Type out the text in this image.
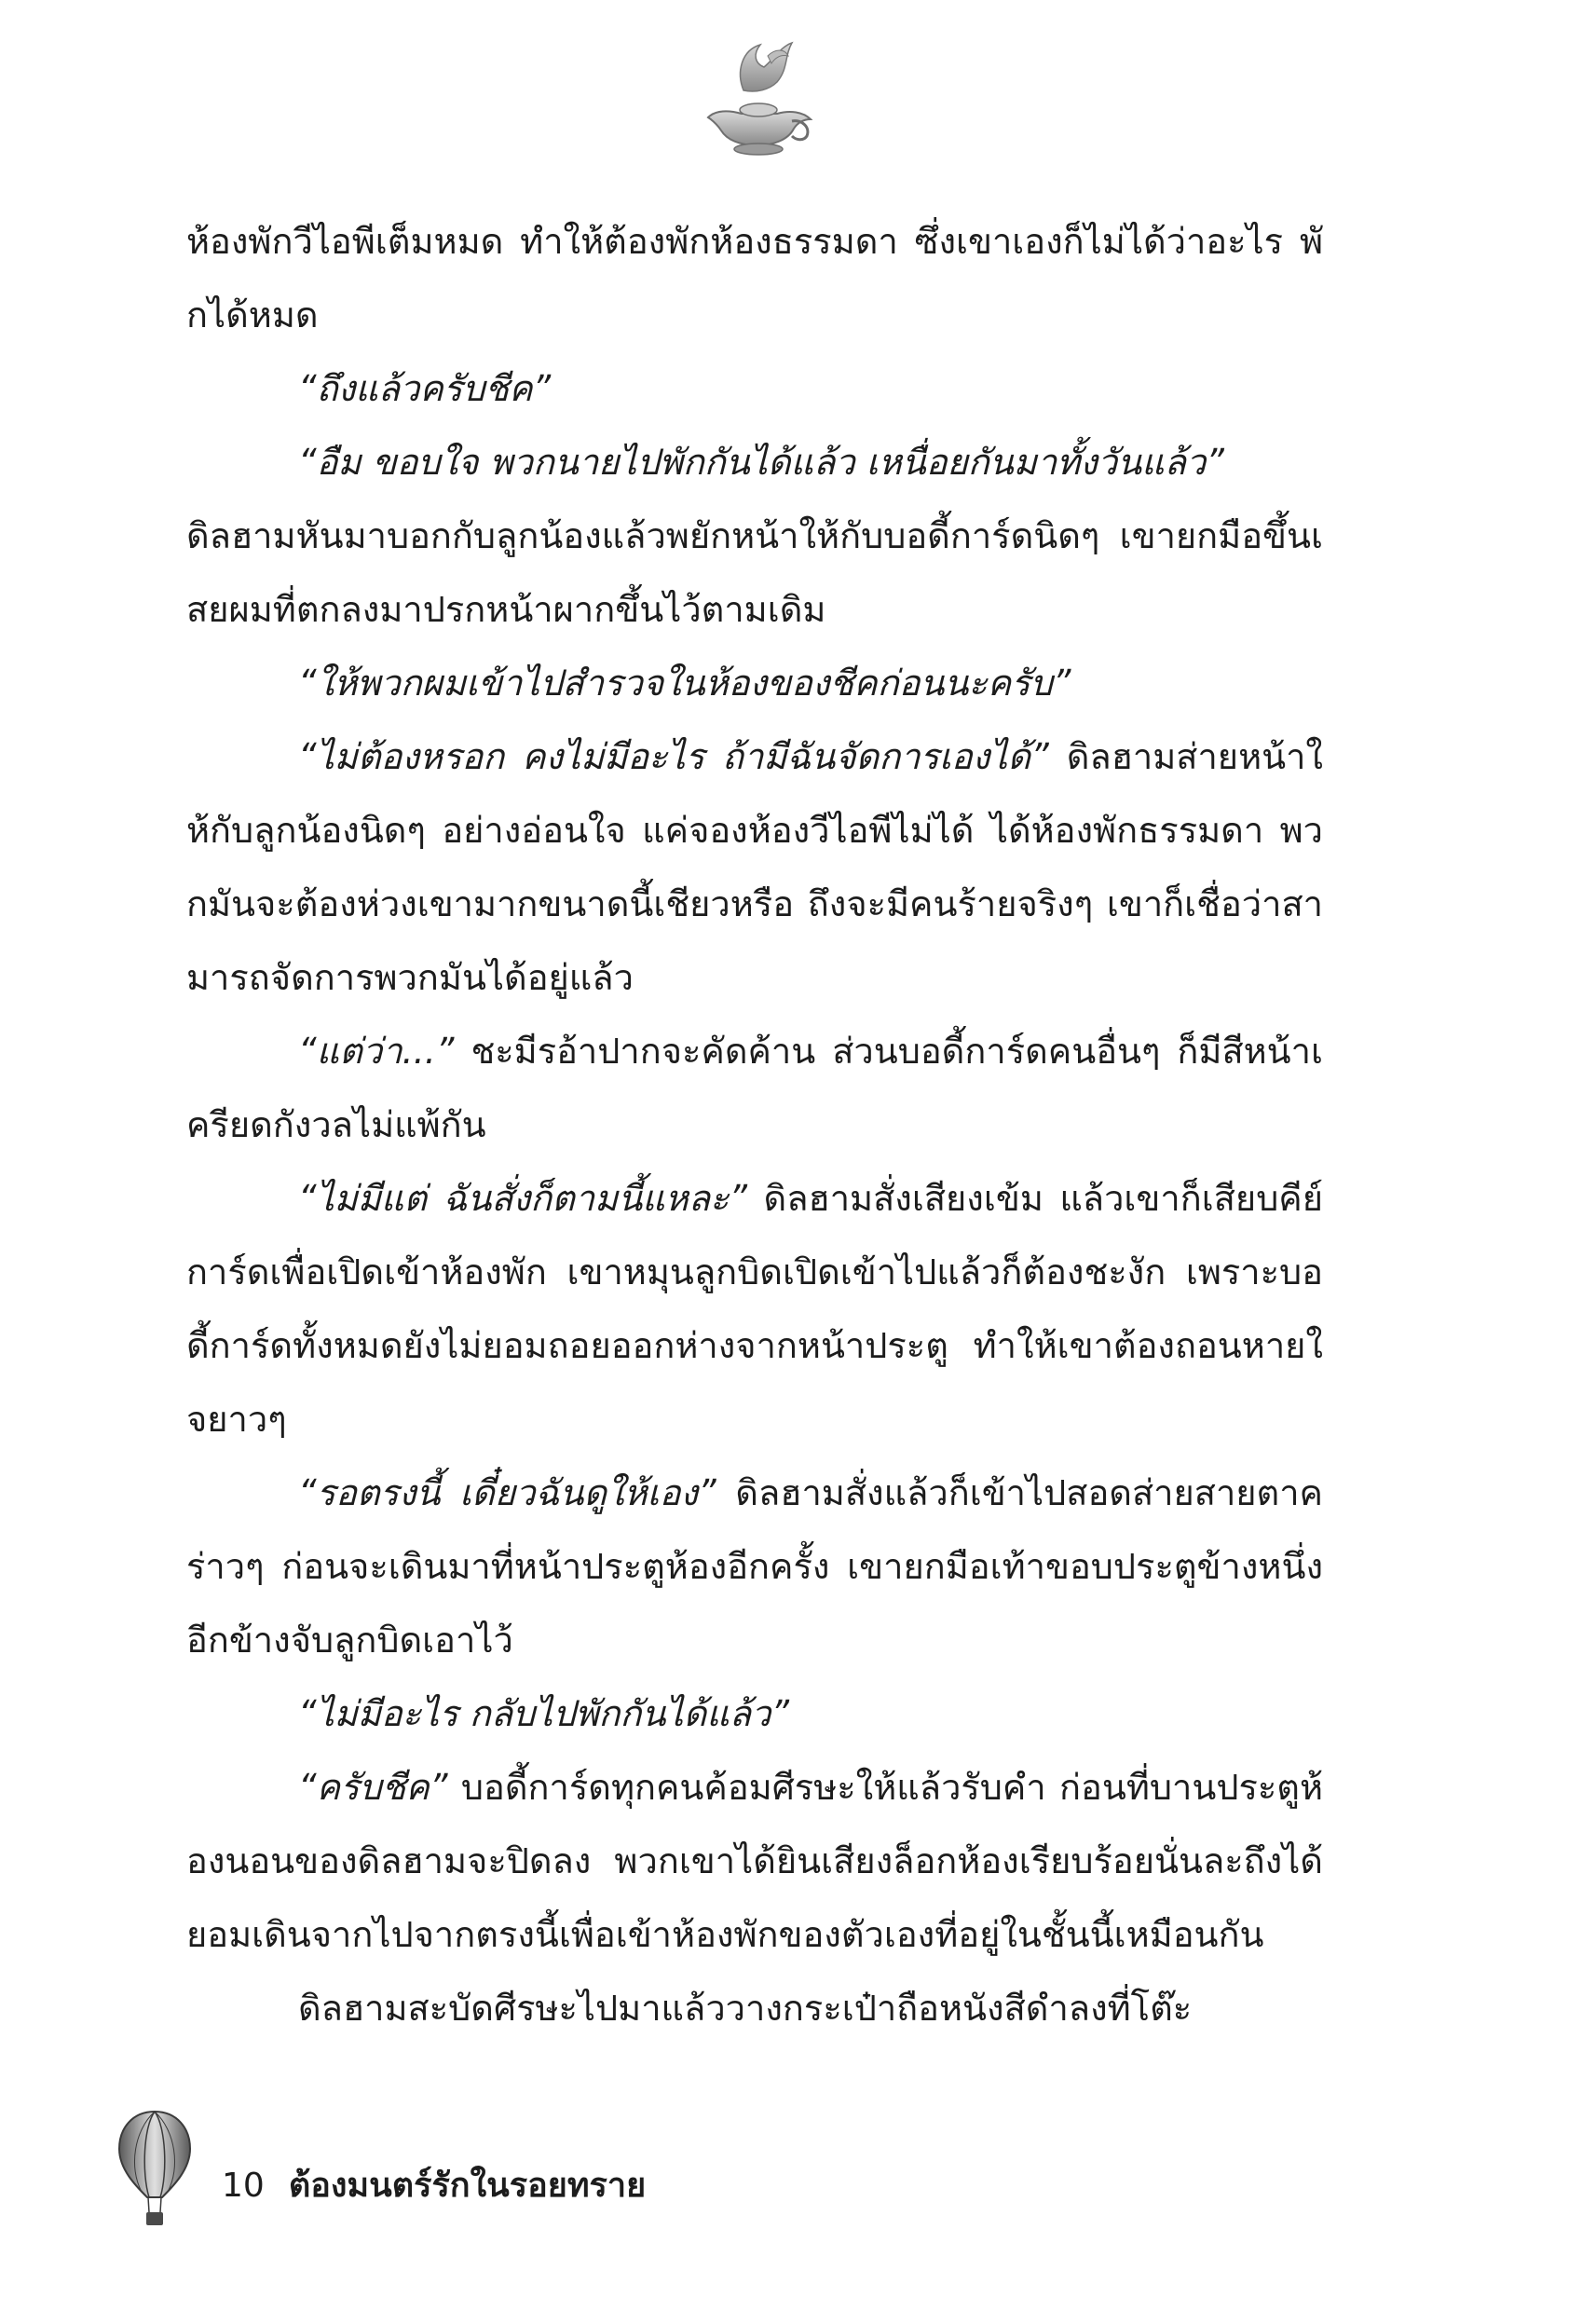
ห้องพักวีไอพีเต็มหมด ทำให้ต้องพักห้องธรรมดา ซึ่งเขาเองก็ไม่ได้ว่าอะไร พักได้หมด

“ถึงแล้วครับชีค”

“อืม ขอบใจ พวกนายไปพักกันได้แล้ว เหนื่อยกันมาทั้งวันแล้ว”

ดิลฮามหันมาบอกกับลูกน้องแล้วพยักหน้าให้กับบอดี้การ์ดนิดๆ เขายกมือขึ้นเสยผมที่ตกลงมาปรกหน้าผากขึ้นไว้ตามเดิม

“ให้พวกผมเข้าไปสำรวจในห้องของชีคก่อนนะครับ”

“ไม่ต้องหรอก คงไม่มีอะไร ถ้ามีฉันจัดการเองได้” ดิลฮามส่ายหน้าให้กับลูกน้องนิดๆ อย่างอ่อนใจ แค่จองห้องวีไอพีไม่ได้ ได้ห้องพักธรรมดา พวกมันจะต้องห่วงเขามากขนาดนี้เชียวหรือ ถึงจะมีคนร้ายจริงๆ เขาก็เชื่อว่าสามารถจัดการพวกมันได้อยู่แล้ว

“แต่ว่า...” ชะมีรอ้าปากจะคัดค้าน ส่วนบอดี้การ์ดคนอื่นๆ ก็มีสีหน้าเครียดกังวลไม่แพ้กัน

“ไม่มีแต่ ฉันสั่งก็ตามนี้แหละ” ดิลฮามสั่งเสียงเข้ม แล้วเขาก็เสียบคีย์การ์ดเพื่อเปิดเข้าห้องพัก เขาหมุนลูกบิดเปิดเข้าไปแล้วก็ต้องชะงัก เพราะบอดี้การ์ดทั้งหมดยังไม่ยอมถอยออกห่างจากหน้าประตู ทำให้เขาต้องถอนหายใจยาวๆ

“รอตรงนี้ เดี๋ยวฉันดูให้เอง” ดิลฮามสั่งแล้วก็เข้าไปสอดส่ายสายตาคร่าวๆ ก่อนจะเดินมาที่หน้าประตูห้องอีกครั้ง เขายกมือเท้าขอบประตูข้างหนึ่ง อีกข้างจับลูกบิดเอาไว้

“ไม่มีอะไร กลับไปพักกันได้แล้ว”

“ครับชีค” บอดี้การ์ดทุกคนค้อมศีรษะให้แล้วรับคำ ก่อนที่บานประตูห้องนอนของดิลฮามจะปิดลง พวกเขาได้ยินเสียงล็อกห้องเรียบร้อยนั่นละถึงได้ยอมเดินจากไปจากตรงนี้เพื่อเข้าห้องพักของตัวเองที่อยู่ในชั้นนี้เหมือนกัน

ดิลฮามสะบัดศีรษะไปมาแล้ววางกระเป๋าถือหนังสีดำลงที่โต๊ะ

10 ต้องมนตร์รักในรอยทราย
